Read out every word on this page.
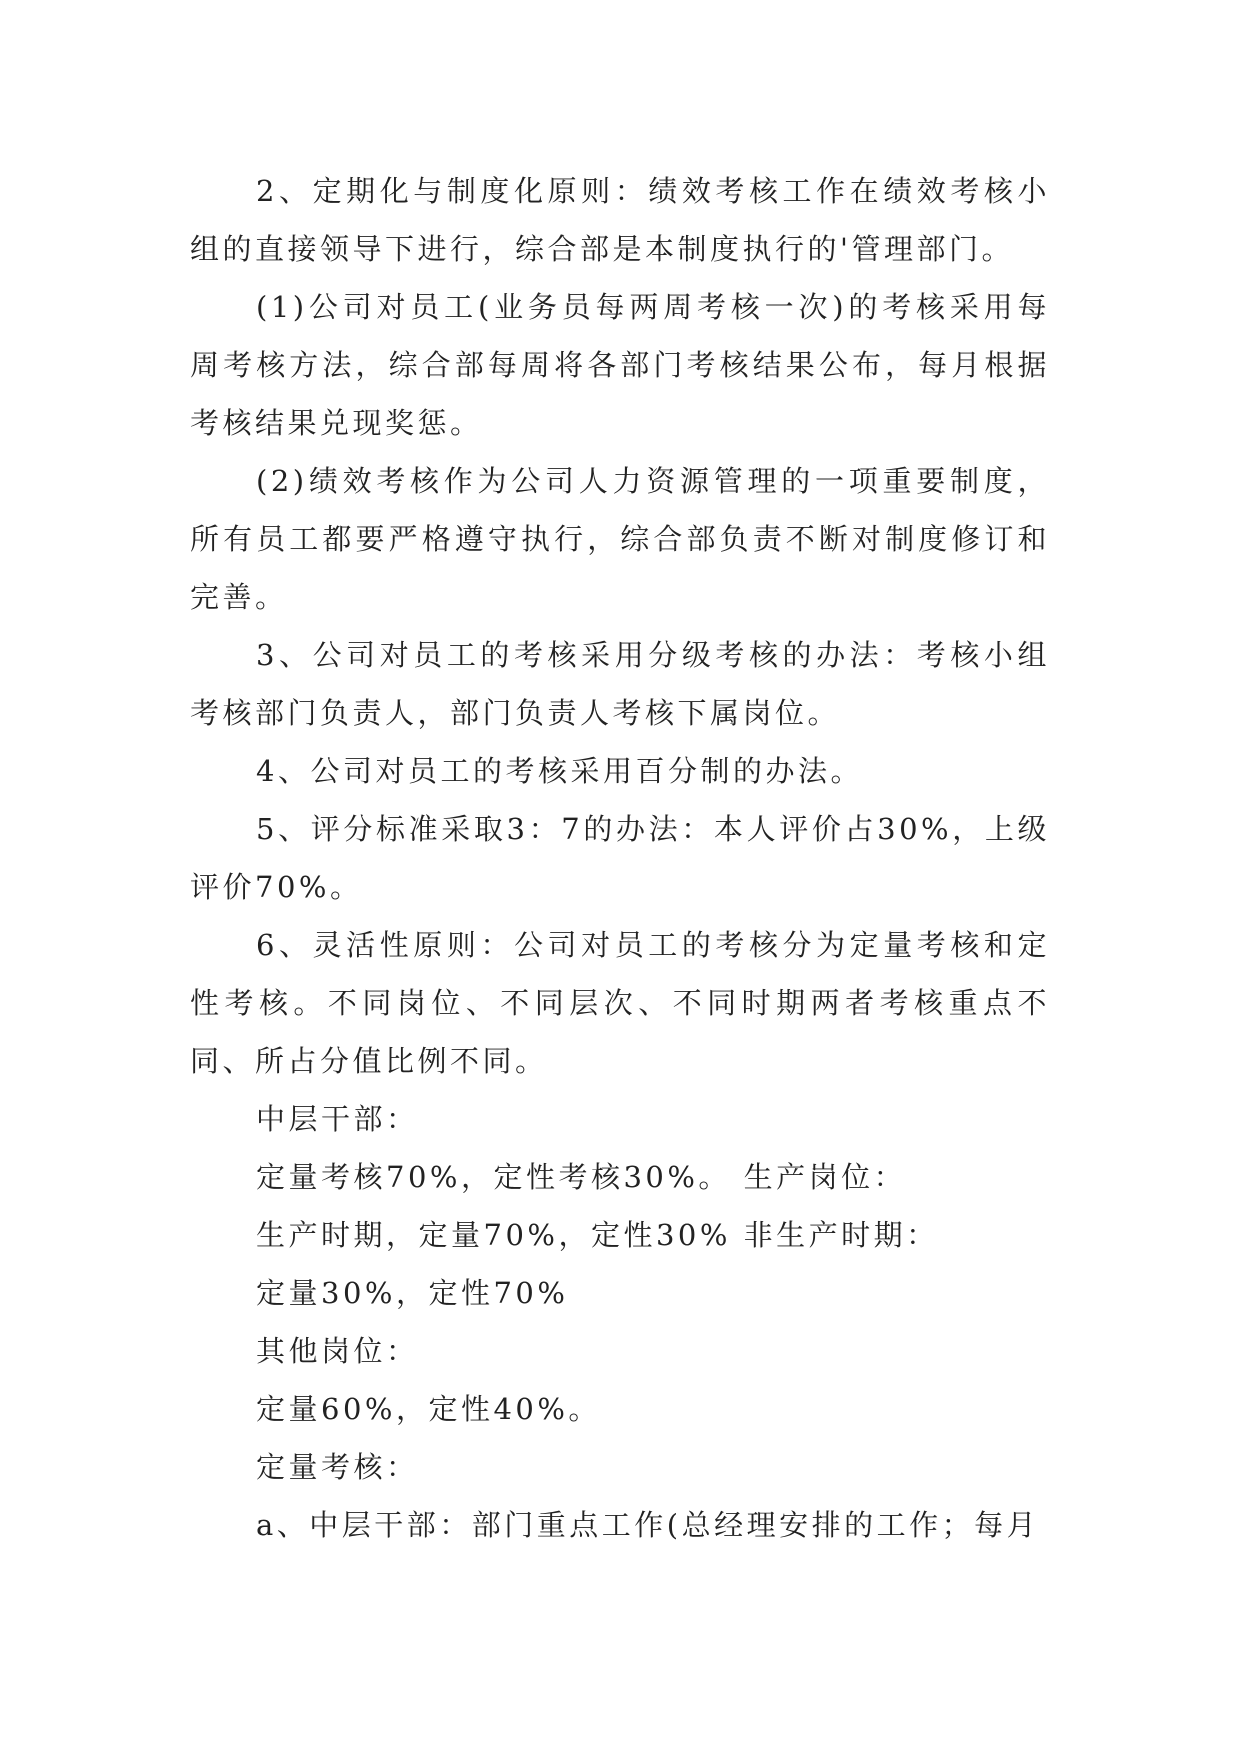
2、定期化与制度化原则：绩效考核工作在绩效考核小组的直接领导下进行，综合部是本制度执行的'管理部门。

(1)公司对员工(业务员每两周考核一次)的考核采用每周考核方法，综合部每周将各部门考核结果公布，每月根据考核结果兑现奖惩。

(2)绩效考核作为公司人力资源管理的一项重要制度，所有员工都要严格遵守执行，综合部负责不断对制度修订和完善。

3、公司对员工的考核采用分级考核的办法：考核小组考核部门负责人，部门负责人考核下属岗位。

4、公司对员工的考核采用百分制的办法。

5、评分标准采取3：7的办法：本人评价占30%，上级评价70%。

6、灵活性原则：公司对员工的考核分为定量考核和定性考核。不同岗位、不同层次、不同时期两者考核重点不同、所占分值比例不同。

中层干部：

定量考核70%，定性考核30%。 生产岗位：

生产时期，定量70%，定性30% 非生产时期：

定量30%，定性70%

其他岗位：

定量60%，定性40%。

定量考核：

a、中层干部：部门重点工作(总经理安排的工作；每月
